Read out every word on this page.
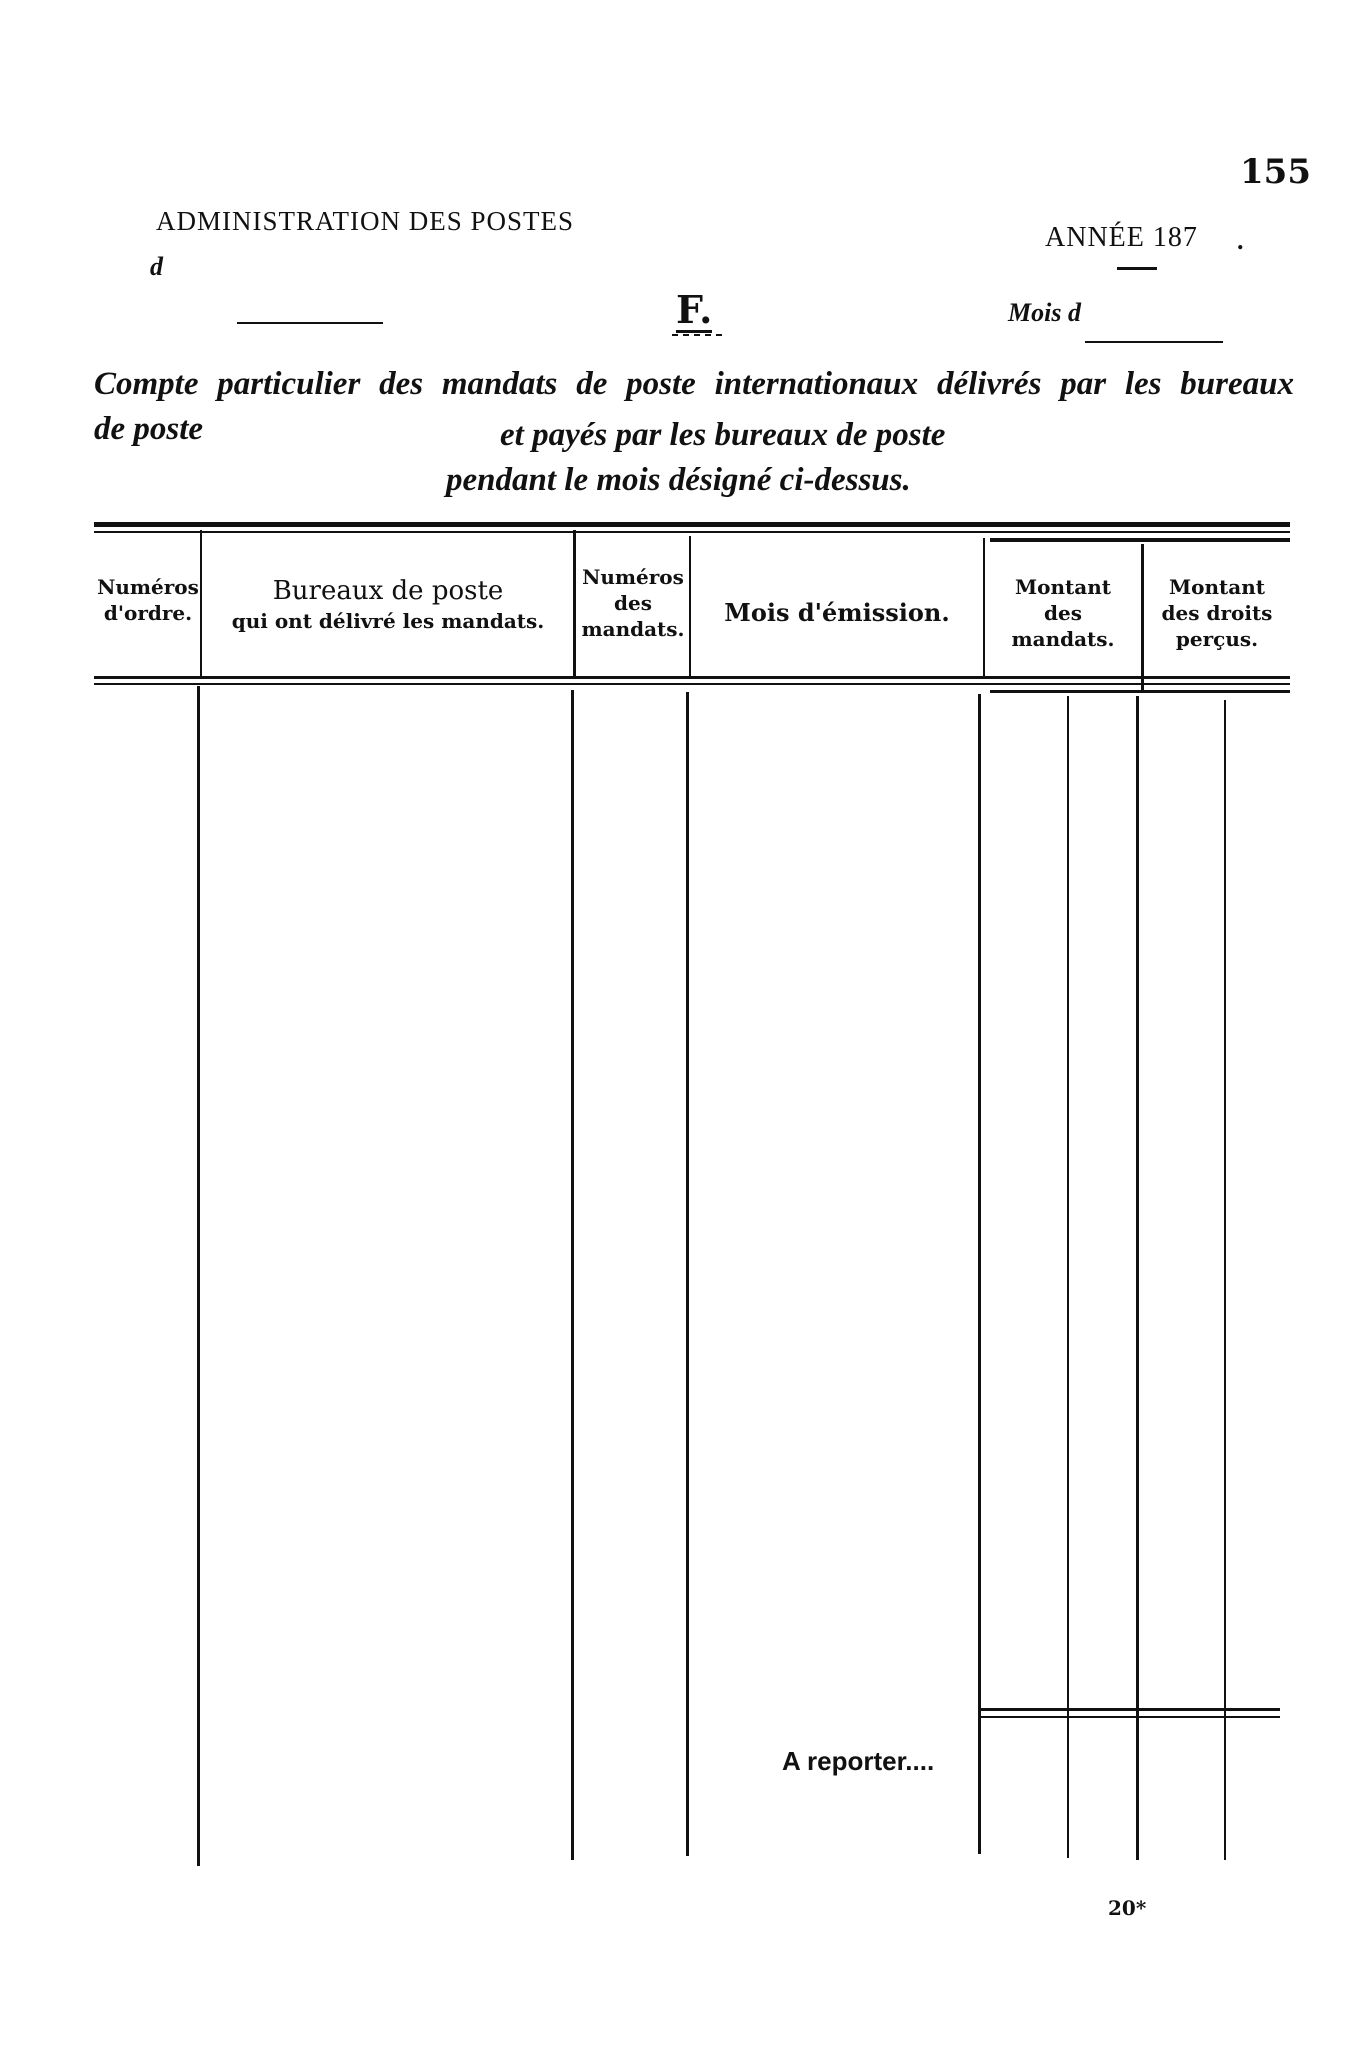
155
ADMINISTRATION DES POSTES
d
ANNÉE 187 .
F.	Mois d
Compte particulier des mandats de poste internationaux délivrés par les bureaux
de poste	et payés par les bureaux de poste
pendant le mois désigné ci-dessus.
Numéros
d'ordre.
Bureaux de poste
qui ont délivré les mandats.
Numéros
des
mandats.
Mois d'émission.
Montant
des
mandats.
Montant
des droits
perçus.
A reporter....
20*
